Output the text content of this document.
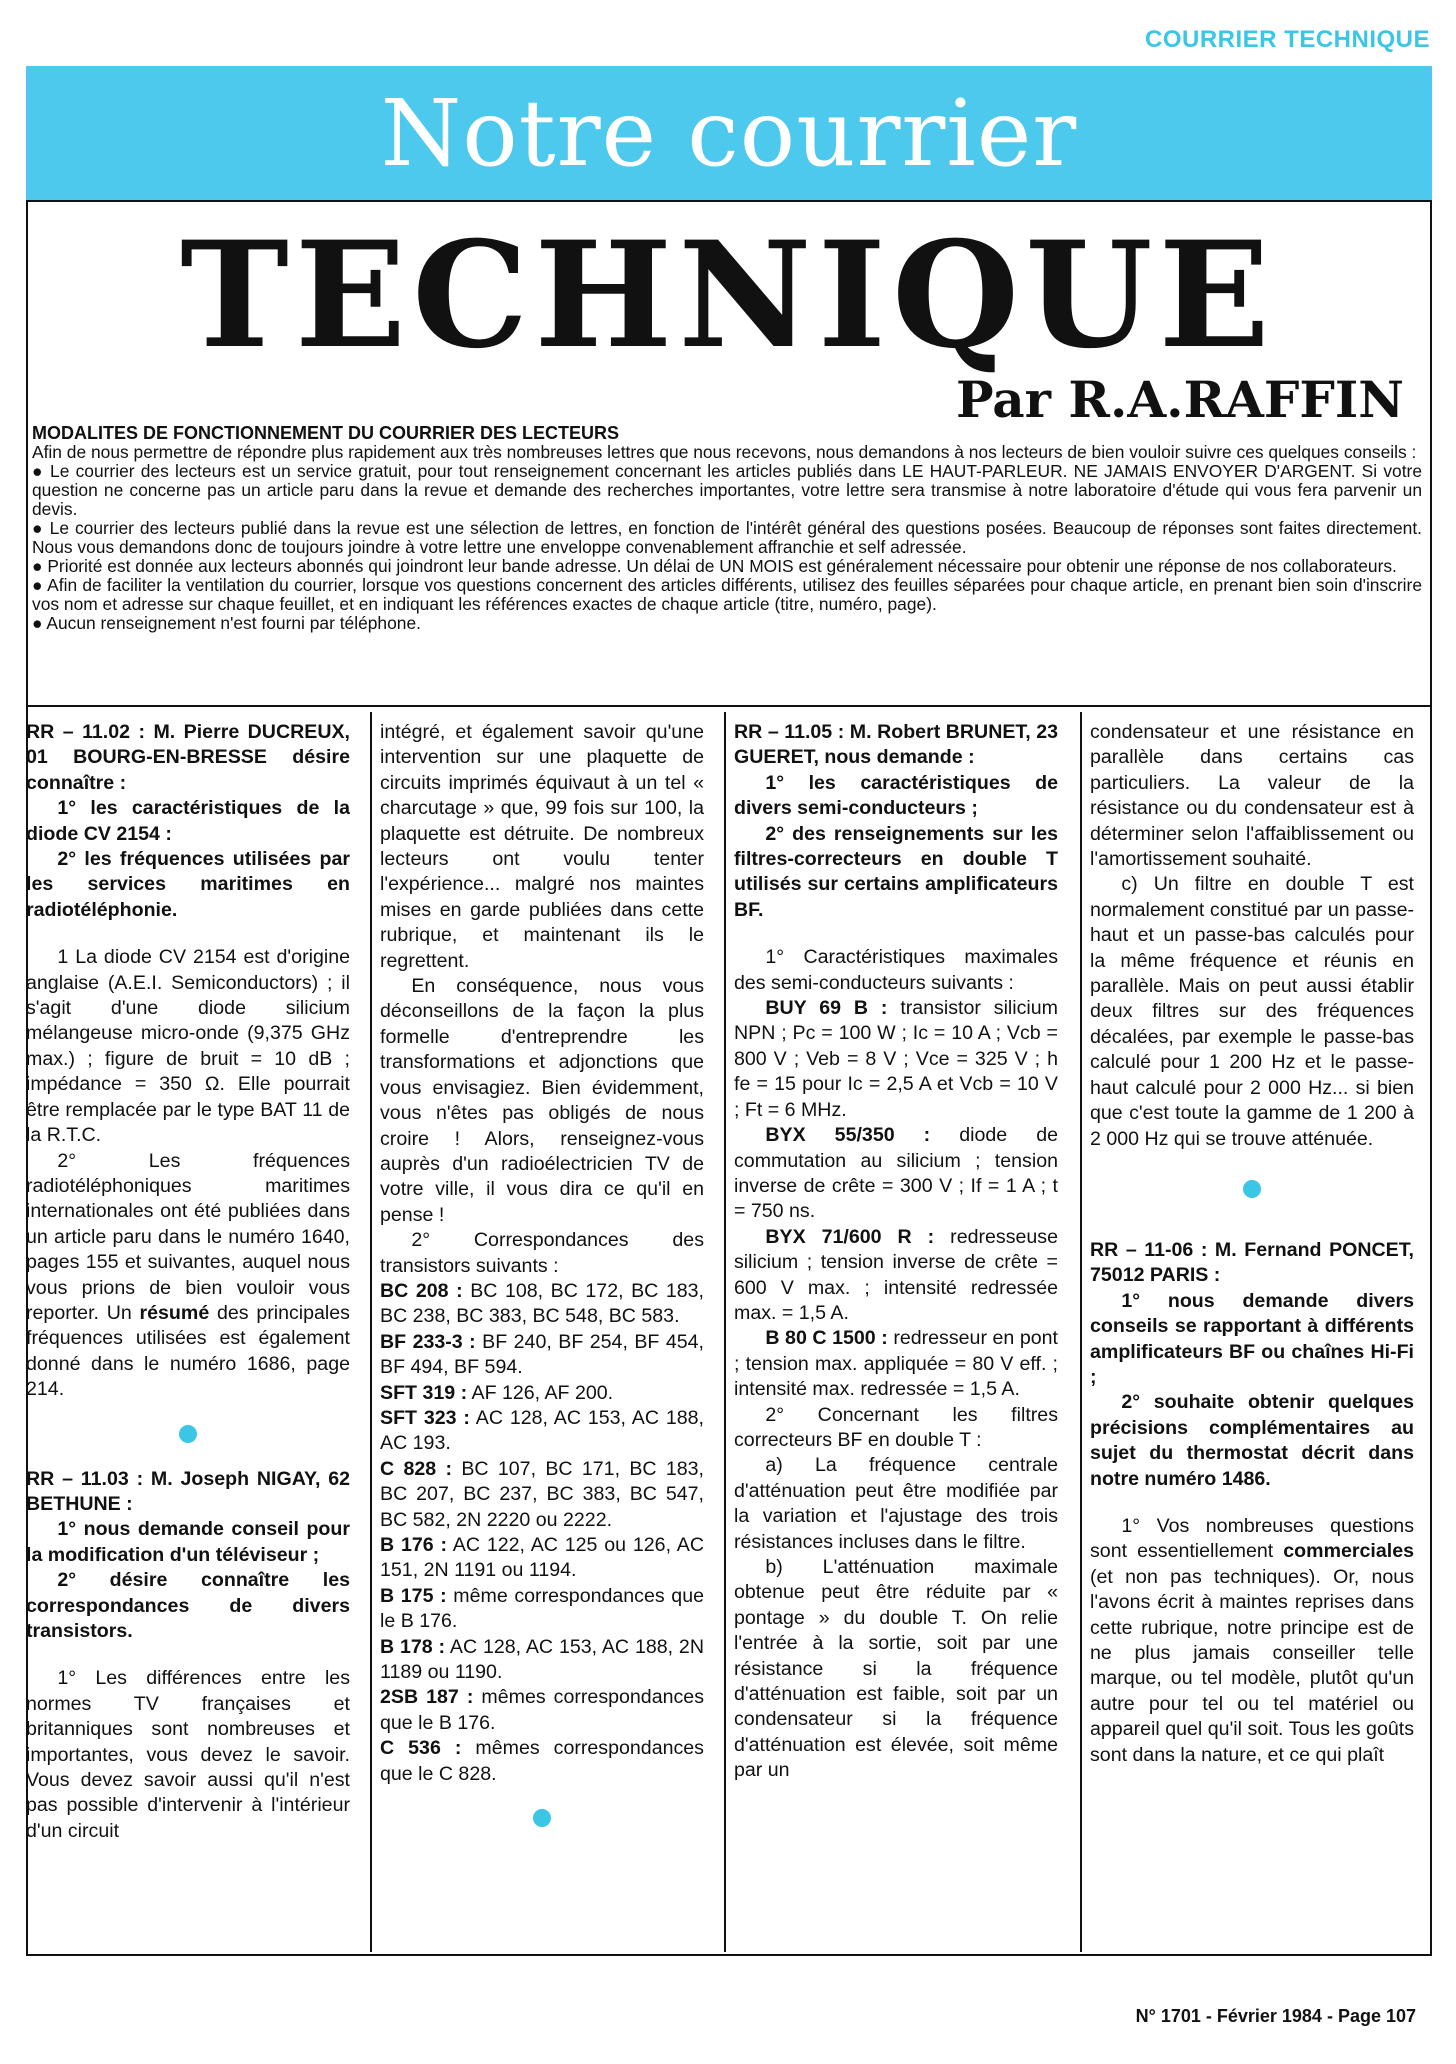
COURRIER TECHNIQUE
Notre courrier
TECHNIQUE
Par R.A.RAFFIN
MODALITES DE FONCTIONNEMENT DU COURRIER DES LECTEURS

Afin de nous permettre de répondre plus rapidement aux très nombreuses lettres que nous recevons, nous demandons à nos lecteurs de bien vouloir suivre ces quelques conseils :

● Le courrier des lecteurs est un service gratuit, pour tout renseignement concernant les articles publiés dans LE HAUT-PARLEUR. NE JAMAIS ENVOYER D'ARGENT. Si votre question ne concerne pas un article paru dans la revue et demande des recherches importantes, votre lettre sera transmise à notre laboratoire d'étude qui vous fera parvenir un devis.

● Le courrier des lecteurs publié dans la revue est une sélection de lettres, en fonction de l'intérêt général des questions posées. Beaucoup de réponses sont faites directement. Nous vous demandons donc de toujours joindre à votre lettre une enveloppe convenablement affranchie et self adressée.

● Priorité est donnée aux lecteurs abonnés qui joindront leur bande adresse. Un délai de UN MOIS est généralement nécessaire pour obtenir une réponse de nos collaborateurs.

● Afin de faciliter la ventilation du courrier, lorsque vos questions concernent des articles différents, utilisez des feuilles séparées pour chaque article, en prenant bien soin d'inscrire vos nom et adresse sur chaque feuillet, et en indiquant les références exactes de chaque article (titre, numéro, page).

● Aucun renseignement n'est fourni par téléphone.

RR – 11.02 : M. Pierre DUCREUX, 01 BOURG-EN-BRESSE désire connaître :

1° les caractéristiques de la diode CV 2154 :

2° les fréquences utilisées par les services maritimes en radiotéléphonie.

1 La diode CV 2154 est d'origine anglaise (A.E.I. Semiconductors) ; il s'agit d'une diode silicium mélangeuse micro-onde (9,375 GHz max.) ; figure de bruit = 10 dB ; impédance = 350 Ω. Elle pourrait être remplacée par le type BAT 11 de la R.T.C.

2° Les fréquences radiotéléphoniques maritimes internationales ont été publiées dans un article paru dans le numéro 1640, pages 155 et suivantes, auquel nous vous prions de bien vouloir vous reporter. Un résumé des principales fréquences utilisées est également donné dans le numéro 1686, page 214.

RR – 11.03 : M. Joseph NIGAY, 62 BETHUNE :

1° nous demande conseil pour la modification d'un téléviseur ;

2° désire connaître les correspondances de divers transistors.

1° Les différences entre les normes TV françaises et britanniques sont nombreuses et importantes, vous devez le savoir. Vous devez savoir aussi qu'il n'est pas possible d'intervenir à l'intérieur d'un circuit

intégré, et également savoir qu'une intervention sur une plaquette de circuits imprimés équivaut à un tel « charcutage » que, 99 fois sur 100, la plaquette est détruite. De nombreux lecteurs ont voulu tenter l'expérience... malgré nos maintes mises en garde publiées dans cette rubrique, et maintenant ils le regrettent.

En conséquence, nous vous déconseillons de la façon la plus formelle d'entreprendre les transformations et adjonctions que vous envisagiez. Bien évidemment, vous n'êtes pas obligés de nous croire ! Alors, renseignez-vous auprès d'un radioélectricien TV de votre ville, il vous dira ce qu'il en pense !

2° Correspondances des transistors suivants :

BC 208 : BC 108, BC 172, BC 183, BC 238, BC 383, BC 548, BC 583.

BF 233-3 : BF 240, BF 254, BF 454, BF 494, BF 594.

SFT 319 : AF 126, AF 200.

SFT 323 : AC 128, AC 153, AC 188, AC 193.

C 828 : BC 107, BC 171, BC 183, BC 207, BC 237, BC 383, BC 547, BC 582, 2N 2220 ou 2222.

B 176 : AC 122, AC 125 ou 126, AC 151, 2N 1191 ou 1194.

B 175 : même correspondances que le B 176.

B 178 : AC 128, AC 153, AC 188, 2N 1189 ou 1190.

2SB 187 : mêmes correspondances que le B 176.

C 536 : mêmes correspondances que le C 828.

RR – 11.05 : M. Robert BRUNET, 23 GUERET, nous demande :

1° les caractéristiques de divers semi-conducteurs ;

2° des renseignements sur les filtres-correcteurs en double T utilisés sur certains amplificateurs BF.

1° Caractéristiques maximales des semi-conducteurs suivants :

BUY 69 B : transistor silicium NPN ; Pc = 100 W ; Ic = 10 A ; Vcb = 800 V ; Veb = 8 V ; Vce = 325 V ; h fe = 15 pour Ic = 2,5 A et Vcb = 10 V ; Ft = 6 MHz.

BYX 55/350 : diode de commutation au silicium ; tension inverse de crête = 300 V ; If = 1 A ; t = 750 ns.

BYX 71/600 R : redresseuse silicium ; tension inverse de crête = 600 V max. ; intensité redressée max. = 1,5 A.

B 80 C 1500 : redresseur en pont ; tension max. appliquée = 80 V eff. ; intensité max. redressée = 1,5 A.

2° Concernant les filtres correcteurs BF en double T :

a) La fréquence centrale d'atténuation peut être modifiée par la variation et l'ajustage des trois résistances incluses dans le filtre.

b) L'atténuation maximale obtenue peut être réduite par « pontage » du double T. On relie l'entrée à la sortie, soit par une résistance si la fréquence d'atténuation est faible, soit par un condensateur si la fréquence d'atténuation est élevée, soit même par un

condensateur et une résistance en parallèle dans certains cas particuliers. La valeur de la résistance ou du condensateur est à déterminer selon l'affaiblissement ou l'amortissement souhaité.

c) Un filtre en double T est normalement constitué par un passe-haut et un passe-bas calculés pour la même fréquence et réunis en parallèle. Mais on peut aussi établir deux filtres sur des fréquences décalées, par exemple le passe-bas calculé pour 1 200 Hz et le passe-haut calculé pour 2 000 Hz... si bien que c'est toute la gamme de 1 200 à 2 000 Hz qui se trouve atténuée.

RR – 11-06 : M. Fernand PONCET, 75012 PARIS :

1° nous demande divers conseils se rapportant à différents amplificateurs BF ou chaînes Hi-Fi ;

2° souhaite obtenir quelques précisions complémentaires au sujet du thermostat décrit dans notre numéro 1486.

1° Vos nombreuses questions sont essentiellement commerciales (et non pas techniques). Or, nous l'avons écrit à maintes reprises dans cette rubrique, notre principe est de ne plus jamais conseiller telle marque, ou tel modèle, plutôt qu'un autre pour tel ou tel matériel ou appareil quel qu'il soit. Tous les goûts sont dans la nature, et ce qui plaît

N° 1701 - Février 1984 - Page 107
